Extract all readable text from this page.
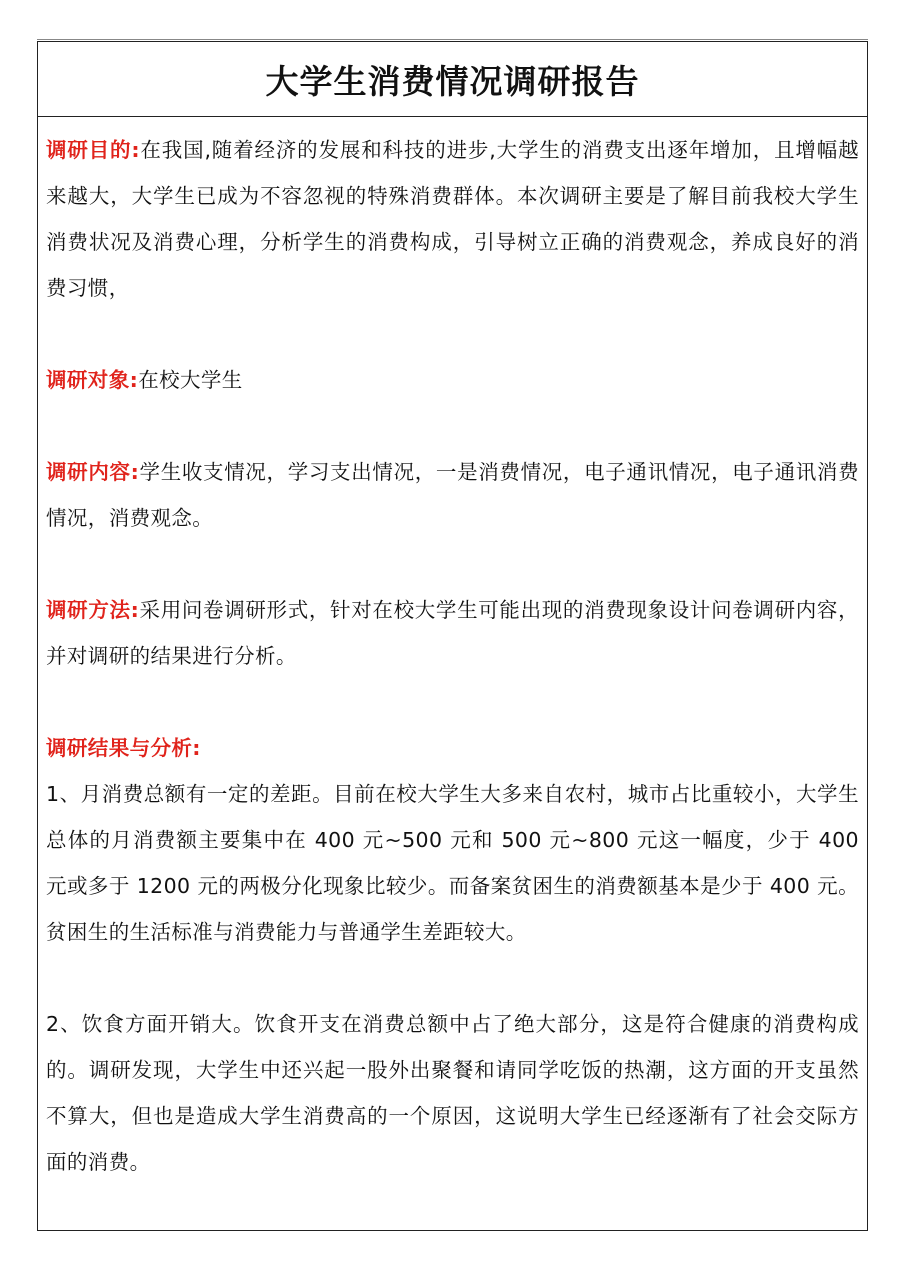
大学生消费情况调研报告

调研目的:在我国,随着经济的发展和科技的进步,大学生的消费支出逐年增加，且增幅越来越大，大学生已成为不容忽视的特殊消费群体。本次调研主要是了解目前我校大学生消费状况及消费心理，分析学生的消费构成，引导树立正确的消费观念，养成良好的消费习惯，

调研对象:在校大学生

调研内容:学生收支情况，学习支出情况，一是消费情况，电子通讯情况，电子通讯消费情况，消费观念。

调研方法:采用问卷调研形式，针对在校大学生可能出现的消费现象设计问卷调研内容，并对调研的结果进行分析。

调研结果与分析:

1、月消费总额有一定的差距。目前在校大学生大多来自农村，城市占比重较小，大学生总体的月消费额主要集中在 400 元~500 元和 500 元~800 元这一幅度，少于 400 元或多于 1200 元的两极分化现象比较少。而备案贫困生的消费额基本是少于 400 元。贫困生的生活标准与消费能力与普通学生差距较大。

2、饮食方面开销大。饮食开支在消费总额中占了绝大部分，这是符合健康的消费构成的。调研发现，大学生中还兴起一股外出聚餐和请同学吃饭的热潮，这方面的开支虽然不算大，但也是造成大学生消费高的一个原因，这说明大学生已经逐渐有了社会交际方面的消费。
